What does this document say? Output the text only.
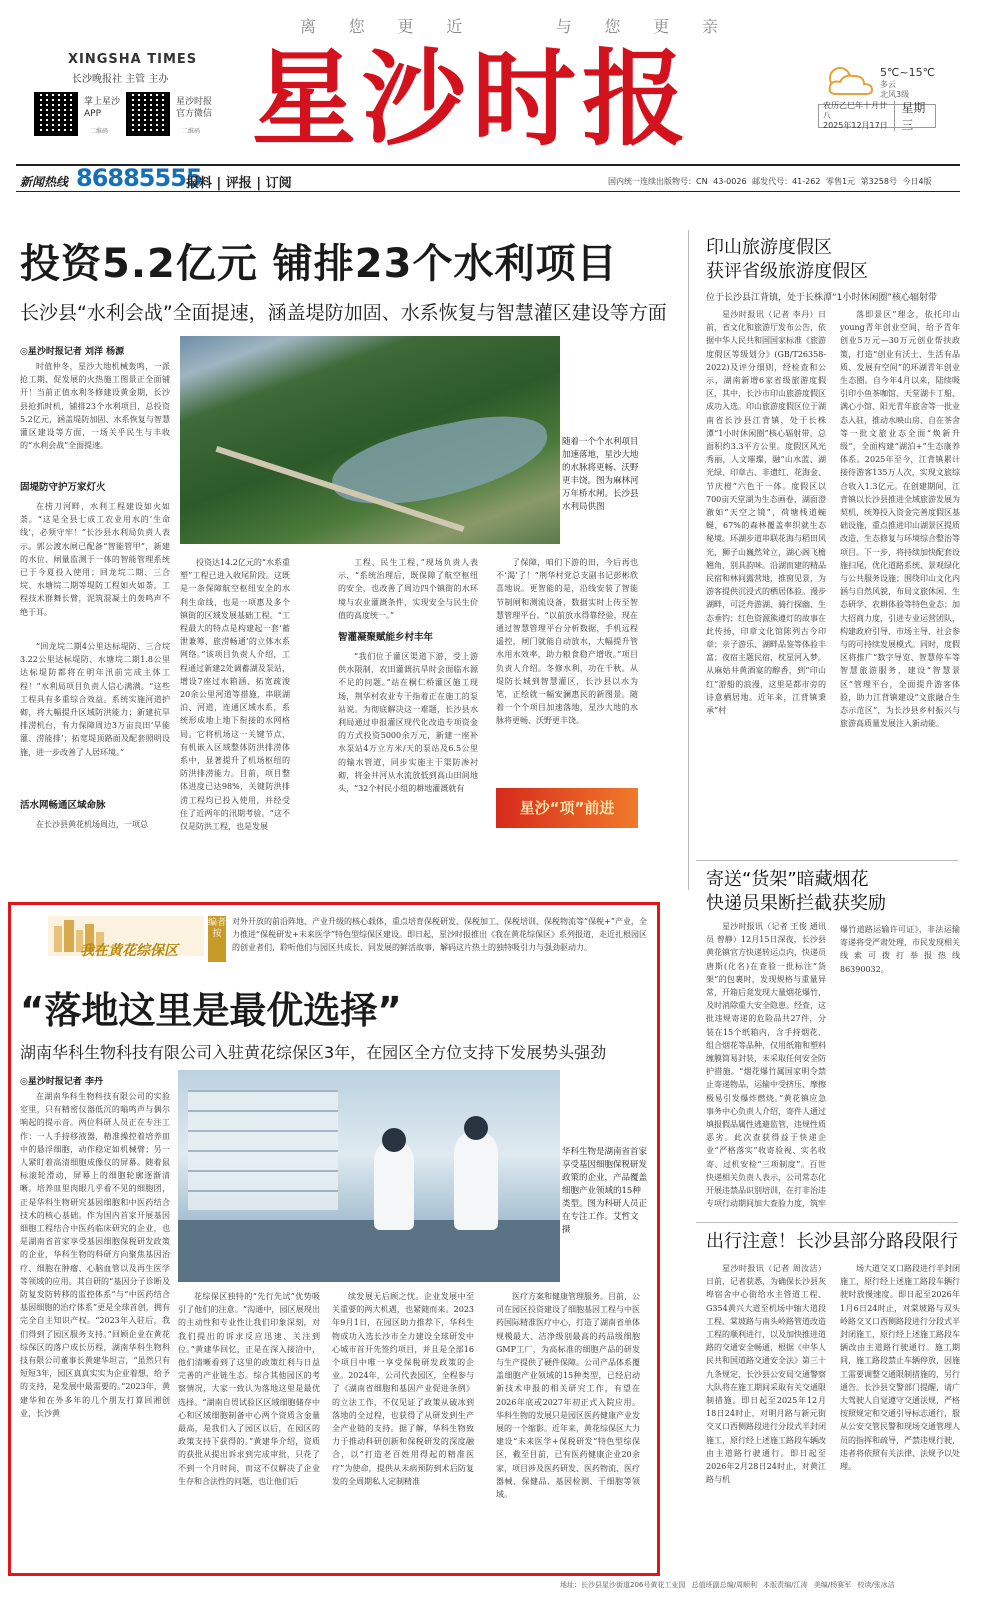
离 您 更 近	与 您 更 亲
XINGSHA TIMES
长沙晚报社 主管 主办
掌上星沙
APP
二维码
星沙时报
官方微信
二维码 星沙时报	5℃~15℃
多云
北风3级
农历乙巳年十月廿八
2025年12月17日
星期三
新闻热线 86885555
报料 | 评报 | 订阅	国内统一连续出版物号：CN 43-0026 邮发代号：41-262 零售1元 第3258号 今日4版
投资5.2亿元 铺排23个水利项目
长沙县“水利会战”全面提速，涵盖堤防加固、水系恢复与智慧灌区建设等方面
◎星沙时报记者 刘洋 杨源

时值仲冬，星沙大地机械轰鸣，一派抢工期、促发展的火热施工图景正全面铺开！当前正值水利冬修建设黄金期，长沙县抢抓时机，铺排23个水利项目，总投资5.2亿元，涵盖堤防加固、水系恢复与智慧灌区建设等方面，一场关乎民生与丰收的“水利会战”全面提速。

固堤防守护万家灯火

在捞刀河畔，水利工程建设如火如荼。“这是全县七成工农业用水的‘生命线’，必须守牢！”长沙县水利局负责人表示。郭公渡水闸已配备“智能管甲”，新建的水位、闸量监测于一体的智能管理系统已于今夏投入使用；回龙垸二期、三合垸、水塘垸二期等堤防工程如火如荼，工程技术群舞长臂，泥筑混凝土的轰鸣声不绝于耳。

“回龙垸二期4公里达标堤防、三合垸3.22公里达标堤防、水塘垸二期1.8公里达标堤防都将在明年汛前完成主体工程！”水利局项目负责人信心满满。“这些工程具有多重综合效益。系统实施河道护砌，将大幅提升区域防洪能力；新建抗旱排涝机台，有力保障周边3万亩良田‘旱能灌、涝能排’；拓宽堤顶路面及配套照明设施，进一步改善了人居环境。”

活水网畅通区域命脉

在长沙县黄花机场周边，一项总

随着一个个水利项目加速落地，星沙大地的水脉将更畅、沃野更丰饶。图为麻林河万年桥水闸。长沙县水利局供图

投资达14.2亿元的“水系重塑”工程已进入收尾阶段。这既是一条保障航空枢纽安全的水利生命线，也是一项惠及多个镇街的区域发展基础工程。“工程最大的特点是构建起一套‘蓄泄兼筹、旅涝畅通’的立体水系网络。”该项目负责人介绍，工程通过新建2处调蓄湖及泵站，增设7座过水箱涵、拓宽疏浚20余公里河道等措施，串联湖泊、河道，连通区域水系，系统形成地上地下衔接的水网格局。它将机场这一关键节点，有机嵌入区域整体防洪排涝体系中，显著提升了机场枢纽的防洪排涝能力。目前，项目整体进度已达98%，关键防洪排涝工程均已投入使用，并经受住了近两年的汛期考验。“这不仅是防洪工程，也是发展

工程、民生工程，”现场负责人表示，“系统治理后，既保障了航空枢纽的安全，也改善了周边四个镇街的水环境与农业灌溉条件，实现安全与民生价值的高度统一。”

智灌凝聚赋能乡村丰年

“我们位于灌区渠道下游，受上游供水限制，农田灌溉抗旱时会面临水源不足的问题。”站在桐仁桥灌区施工现场，荆华村农业专干指着正在施工的泵站说。为彻底解决这一难题，长沙县水利局通过申报灌区现代化改造专项资金的方式投资5000余万元，新建一座补水泵站4万立方米/天的泵站及6.5公里的输水管道，同步实施主干渠防渗衬砌，将金井河从水流放低到高山田间地头，“32个村民小组的耕地灌溉就有

了保障，咱们下游的田，今后再也不‘渴’了！”荆华村党总支副书记彭彬欣喜地说。更智能的是，沿线安装了智能节制闸和测流设备，数据实时上传至智慧管理平台。“以前放水得靠经验，现在通过智慧管理平台分析数据，手机远程遥控，闸门就能自动放水，大幅提升管水用水效率，助力粮食稳产增收。”项目负责人介绍。冬修水利，功在千秋。从堤防长城到智慧灌区，长沙县以水为笔，正绘就一幅安澜惠民的新图景。随着一个个项目加速落地，星沙大地的水脉将更畅、沃野更丰饶。

星沙“项”前进
印山旅游度假区
获评省级旅游度假区
位于长沙县江背镇，处于长株潭“1小时休闲圈”核心辐射带

星沙时报讯（记者 李丹）日前，省文化和旅游厅发布公告，依据中华人民共和国国家标准《旅游度假区等级划分》(GB/T26358-2022)及评分细则，经检查和公示，湖南新增6家省级旅游度假区，其中，长沙市印山旅游度假区成功入选。印山旅游度假区位于湖南省长沙县江背镇，处于长株潭“1小时休闲圈”核心辐射带，总面积约3.3平方公里。度假区风光秀丽，人文璀璨，融“山水蓝、湖光绿、印章古、非遗红、花海金、节庆橙”六色于一体。度假区以700亩天堂湖为生态画卷，湖面澄澈如“天空之镜”，荷塘栈道蜿蜒，67%的森林覆盖率织就生态秘境。环湖步道串联花海与稻田风光，狮子山巍然耸立，湖心阁飞檐翘角，别具韵味。沿湖而建的精品民宿和林间露营地，推窗见景，为游客提供沉浸式的栖居体验。漫步湖畔，可泛舟游湖、骑行探幽、生态垂钓；红色资源熊遵灯的故事在此传扬，印章文化馆陈列古今印章；亲子游乐、湖畔品鉴等体验丰富；夜宿主题民宿，枕星河入梦。从麻姑井黄酒宴的醇香，到“印山红”游船的浪漫，这里是都市旁的诗意栖居地。近年来，江背镇秉承“村

落即景区”理念，依托印山young青年创业空间，给予青年创业5万元—30万元创业帮扶政策，打造“创业有沃土、生活有品质、发展有空间”的环湖青年创业生态圈。自今年4月以来，陆续吸引印小鱼茶咖馆、天堂湖卡丁船、满心小馆、阳光青年旅舍等一批业态入驻，推动水映山房、自在茶舍等一批文旅业态全面“焕新升级”，全面构建“湖泊+”生态康养体系。2025年至今，江背镇累计接待游客135万人次，实现文旅综合收入1.3亿元。在创建期间，江背镇以长沙县推进全域旅游发展为契机，统筹投入资金完善度假区基础设施，重点推进印山湖景区提质改造、生态修复与环境综合整治等项目。下一步，将持续加快配套设施扫尾，优化道路系统、景观绿化与公共服务设施；围绕印山文化内涵与自然风貌，布局文旅休闲、生态研学、农耕体验等特色业态；加大招商力度，引进专业运营团队，构建政府引导、市场主导、社会参与的可持续发展模式。同时，度假区将推广“数字导览、智慧停车等智慧旅游服务，建设“智慧景区”管理平台，全面提升游客体验，助力江背镇建设“文旅融合生态示范区”，为长沙县乡村振兴与旅游高质量发展注入新动能。

寄送“货架”暗藏烟花
快递员果断拦截获奖励

星沙时报讯（记者 王俊 通讯员 曾静）12月15日深夜，长沙县黄花镇官方快递转运点内，快递员唐斯(化名)在查验一批标注“货架”的包裹时，发现规格与重量异常，开箱后竟发现大量烟花爆竹，及时消除重大安全隐患。经查，这批违规寄递的危险品共27件，分装在15个纸箱内，含手持烟花、组合烟花等品种，仅用纸箱和塑料缠膜简易封装，未采取任何安全防护措施。“烟花爆竹属国家明令禁止寄递物品，运输中受挤压、摩擦极易引发爆炸燃烧。”黄花镇应急事务中心负责人介绍，寄件人通过填报假品属性逃避监管，违规性质恶劣。此次查获得益于快递企业“严格落实”收寄验视、实名收寄、过机安检“三项制度”。百世快递相关负责人表示，公司常态化开展违禁品识别培训，在打非治违专项行动期间加大查验力度，筑牢

爆竹道路运输许可证》，非法运输寄递将受严肃处理，市民发现相关线索可拨打举报热线86390032。

出行注意！长沙县部分路段限行

星沙时报讯（记者 周汝洁）日前，记者获悉，为确保长沙县灰埠宿舍中心街给水主管道工程、G354黄兴大道至机场中轴大道段工程、棠坡路与南头岭路管道改造工程的顺利进行，以及加快推进道路的交通安全畅通，根据《中华人民共和国道路交通安全法》第三十九条规定，长沙县公安局交通警察大队将在施工期间采取有关交通限制措施。即日起至2025年12月18日24时止，对明月路与新元街交叉口西侧路段进行分段式半封闭施工，原行经上述施工路段车辆改由主道路行驶通行。即日起至2026年2月28日24时止，对黄江路与机

场大道交叉口路段进行半封闭施工，原行经上述施工路段车辆行驶时放慢速度。即日起至2026年1月6日24时止，对棠坡路与双头岭路交叉口西侧路段进行分段式半封闭施工，原行经上述施工路段车辆改由主道路行驶通行。施工期间，施工路段禁止车辆停放，因施工需要调整交通限制措施的，另行通告。长沙县交警部门提醒，请广大驾驶人自觉遵守交通法规，严格按照规定和交通引导标志通行，服从公安交管民警和现场交通管理人员的指挥和疏导，严禁违规行驶，违者将依照有关法律、法规予以处理。

我在黄花综保区
编者按
对外开放的前沿阵地、产业升级的核心载体，重点培育保税研发、保税加工、保税培训、保税物流等“保税+”产业，全力推进“保税研发+未来医学”特色型综保区建设。即日起，星沙时报推出《我在黄花综保区》系列报道，走近扎根园区的创业者们，聆听他们与园区共成长、同发展的鲜活故事，解码这片热土的独特吸引力与强劲驱动力。
“落地这里是最优选择”
湖南华科生物科技有限公司入驻黄花综保区3年，在园区全方位支持下发展势头强劲
◎星沙时报记者 李丹

在湖南华科生物科技有限公司的实验室里，只有精密仪器低沉的嗡鸣声与偶尔响起的提示音。两位科研人员正在专注工作：一人手持移液器，精准操控着培养皿中的悬浮细胞，动作稳定如机械臂；另一人紧盯着高清细胞成像仪的屏幕。随着鼠标滚轮滑动，屏幕上的细胞轮廓逐渐清晰。培养皿里肉眼几乎看不见的细胞团，正是华科生物研究基因细胞和中医药结合技术的核心基础。作为国内首家开展基因细胞工程结合中医药临床研究的企业，也是湖南省首家享受基因细胞保税研发政策的企业，华科生物的科研方向聚焦基因治疗、细胞在肿瘤、心脑血管以及再生医学等领域的应用。其自研的“基因分子诊断及防复发防转移的监控体系”与“中医药结合基因细胞的治疗体系”更是全球首创，拥有完全自主知识产权。“2023年入驻后，我们得到了园区服务支持。”回顾企业在黄花综保区的落户成长历程，湖南华科生物科技有限公司董事长黄建华坦言，“虽然只有短短3年，园区真真实实为企业着想，给予的支持，是发展中最需要的。”2023年，黄建华和在外多年的几个朋友打算回湘创业，长沙黄

华科生物是湖南省首家享受基因细胞保税研发政策的企业，产品覆盖细胞产业领域的15种类型。图为科研人员正在专注工作。艾哲文 摄

花综保区独特的“先行先试”优势吸引了他们的注意。“沟通中，园区展现出的主动性和专业性让我们印象深刻，对我们提出的诉求反应迅速、关注到位。”黄建华回忆，正是在深入接洽中，他们清晰看到了这里的政策红利与日益完善的产业链生态。综合其他园区的考察情况，大家一致认为落地这里是最优选择。“湖南自贸试验区区域细胞储存中心和区域细胞制备中心两个资质含金量最高，是我们入了园区以后，在园区的政策支持下获得的。”黄建华介绍，资质的获批从提出诉求到完成审批，只花了不到一个月时间，而这不仅解决了企业生存和合法性的问题，也让他们后

续发展无后顾之忧。企业发展中至关重要的两大机遇，也紧随而来。2023年9月1日，在园区助力推荐下，华科生物成功入选长沙市全力建设全球研发中心城市首开先签约项目，并且是全部16个项目中唯一享受保税研发政策的企业。2024年，公司代表园区，全程参与了《湖南省细胞和基因产业促进条例》的立法工作，不仅见证了政策从破冰到落地的全过程，也获得了从研发到生产全产业链的支持。据了解，华科生物致力于推动科研创新和保税研发的深度融合，以“打造老百姓用得起的精准医疗”为使命，提供从未病预防到术后防复发的全周期私人定制精准

医疗方案和健康管理服务。目前，公司在园区投资建设了细胞基因工程与中医药国际精准医疗中心，打造了湖南省单体规模最大、洁净级别最高的药品级细胞GMP工厂，为高标准的细胞产品的研发与生产提供了硬件保障。公司产品体系覆盖细胞产业领域的15种类型，已经启动新技术申报的相关研究工作，有望在2026年底或2027年初正式入院应用。华科生物的发展只是园区医药健康产业发展的一个缩影。近年来，黄花综保区大力建设“未来医学+保税研发”特色型综保区，截至目前，已有医药健康企业20余家，项目涉及医药研发、医药物流、医疗器械、保健品、基因检测、干细胞等领域。

地址：长沙县星沙街道206号黄花工业园 总值班副总编/周顺利 本版责编/江涛 美编/杨赛军 校读/张冰洁
